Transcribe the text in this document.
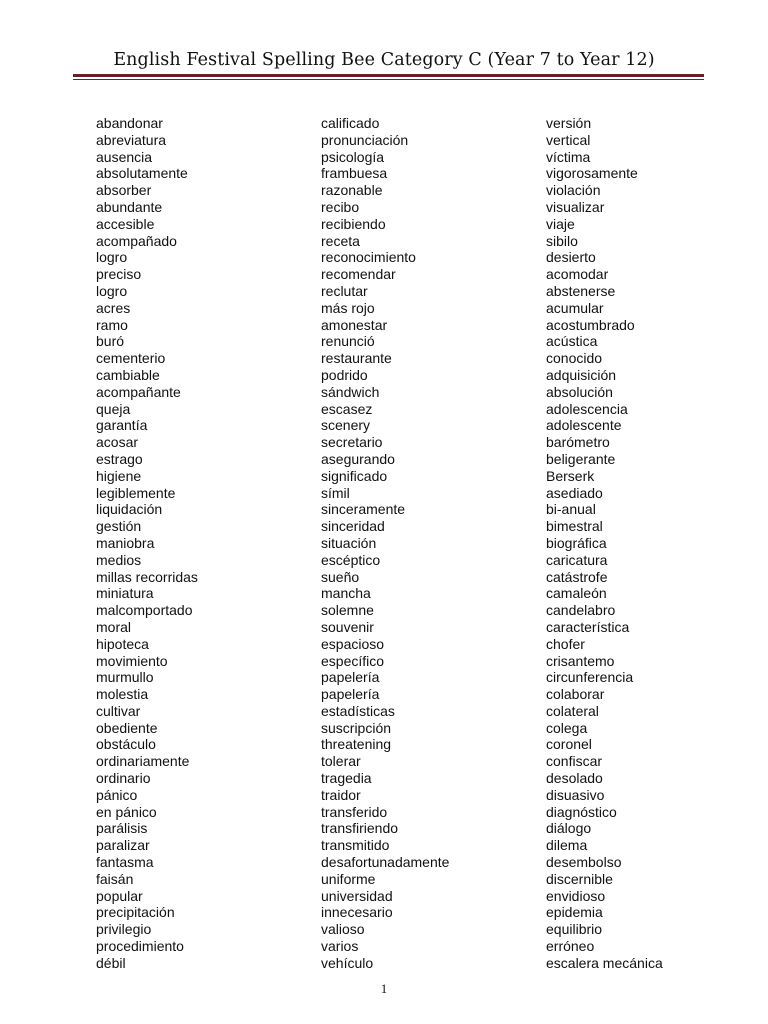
English Festival Spelling Bee Category C (Year 7 to Year 12)
abandonar
abreviatura
ausencia
absolutamente
absorber
abundante
accesible
acompañado
logro
preciso
logro
acres
ramo
buró
cementerio
cambiable
acompañante
queja
garantía
acosar
estrago
higiene
legiblemente
liquidación
gestión
maniobra
medios
millas recorridas
miniatura
malcomportado
moral
hipoteca
movimiento
murmullo
molestia
cultivar
obediente
obstáculo
ordinariamente
ordinario
pánico
en pánico
parálisis
paralizar
fantasma
faisán
popular
precipitación
privilegio
procedimiento
débil
calificado
pronunciación
psicología
frambuesa
razonable
recibo
recibiendo
receta
reconocimiento
recomendar
reclutar
más rojo
amonestar
renunció
restaurante
podrido
sándwich
escasez
scenery
secretario
asegurando
significado
símil
sinceramente
sinceridad
situación
escéptico
sueño
mancha
solemne
souvenir
espacioso
específico
papelería
papelería
estadísticas
suscripción
threatening
tolerar
tragedia
traidor
transferido
transfiriendo
transmitido
desafortunadamente
uniforme
universidad
innecesario
valioso
varios
vehículo
versión
vertical
víctima
vigorosamente
violación
visualizar
viaje
sibilo
desierto
acomodar
abstenerse
acumular
acostumbrado
acústica
conocido
adquisición
absolución
adolescencia
adolescente
barómetro
beligerante
Berserk
asediado
bi-anual
bimestral
biográfica
caricatura
catástrofe
camaleón
candelabro
característica
chofer
crisantemo
circunferencia
colaborar
colateral
colega
coronel
confiscar
desolado
disuasivo
diagnóstico
diálogo
dilema
desembolso
discernible
envidioso
epidemia
equilibrio
erróneo
escalera mecánica
1
